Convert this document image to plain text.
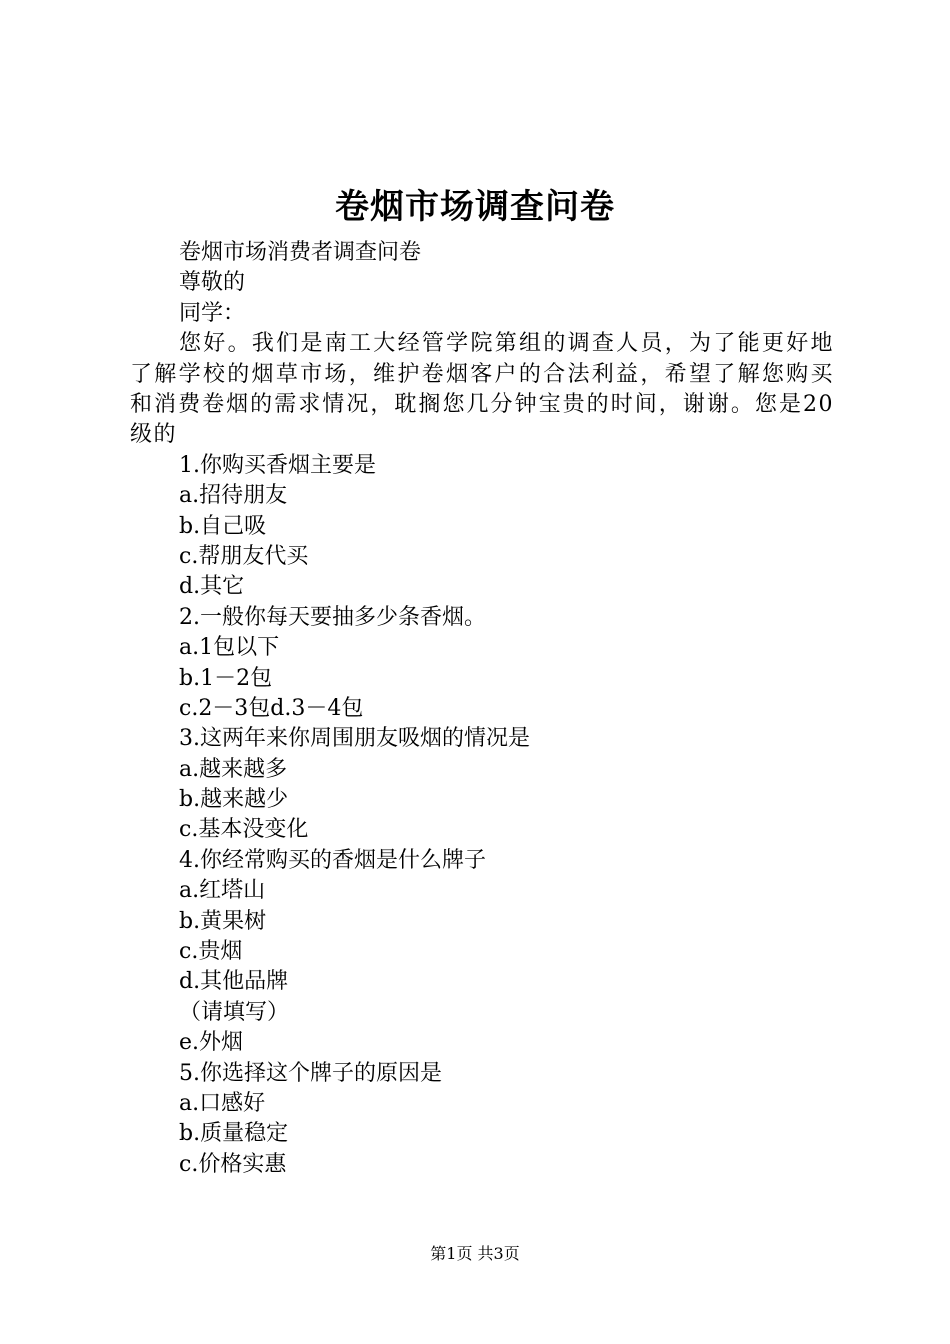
卷烟市场调查问卷
卷烟市场消费者调查问卷
尊敬的
同学：
您好。我们是南工大经管学院第组的调查人员，为了能更好地了解学校的烟草市场，维护卷烟客户的合法利益，希望了解您购买和消费卷烟的需求情况，耽搁您几分钟宝贵的时间，谢谢。您是20级的
1.你购买香烟主要是
a.招待朋友
b.自己吸
c.帮朋友代买
d.其它
2.一般你每天要抽多少条香烟。
a.1包以下
b.1－2包
c.2－3包d.3－4包
3.这两年来你周围朋友吸烟的情况是
a.越来越多
b.越来越少
c.基本没变化
4.你经常购买的香烟是什么牌子
a.红塔山
b.黄果树
c.贵烟
d.其他品牌
（请填写）
e.外烟
5.你选择这个牌子的原因是
a.口感好
b.质量稳定
c.价格实惠
第1页 共3页
